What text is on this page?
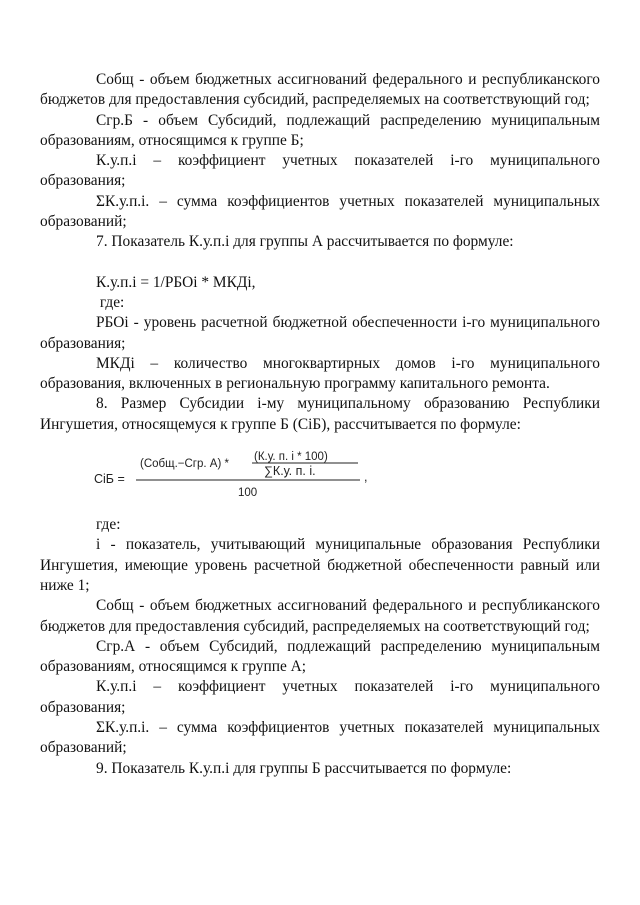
Собщ - объем бюджетных ассигнований федерального и республиканского бюджетов для предоставления субсидий, распределяемых на соответствующий год;

Сгр.Б - объем Субсидий, подлежащий распределению муниципальным образованиям, относящимся к группе Б;

К.у.п.i – коэффициент учетных показателей i-го муниципального образования;

ΣК.у.п.i. – сумма коэффициентов учетных показателей муниципальных образований;

7. Показатель К.у.п.i для группы А рассчитывается по формуле:

К.у.п.i = 1/РБОi * МКДi,

где:

РБОi - уровень расчетной бюджетной обеспеченности i-го муниципального образования;

МКДi – количество многоквартирных домов i-го муниципального образования, включенных в региональную программу капитального ремонта.

8. Размер Субсидии i-му муниципальному образованию Республики Ингушетия, относящемуся к группе Б (СiБ), рассчитывается по формуле:

СiБ =
(Собщ.−Сгр. А) *
(К.у. п. i * 100)
∑К.у. п. i.
100
,

где:

i - показатель, учитывающий муниципальные образования Республики Ингушетия, имеющие уровень расчетной бюджетной обеспеченности равный или ниже 1;

Собщ - объем бюджетных ассигнований федерального и республиканского бюджетов для предоставления субсидий, распределяемых на соответствующий год;

Сгр.А - объем Субсидий, подлежащий распределению муниципальным образованиям, относящимся к группе А;

К.у.п.i – коэффициент учетных показателей i-го муниципального образования;

ΣК.у.п.i. – сумма коэффициентов учетных показателей муниципальных образований;

9. Показатель К.у.п.i для группы Б рассчитывается по формуле:
